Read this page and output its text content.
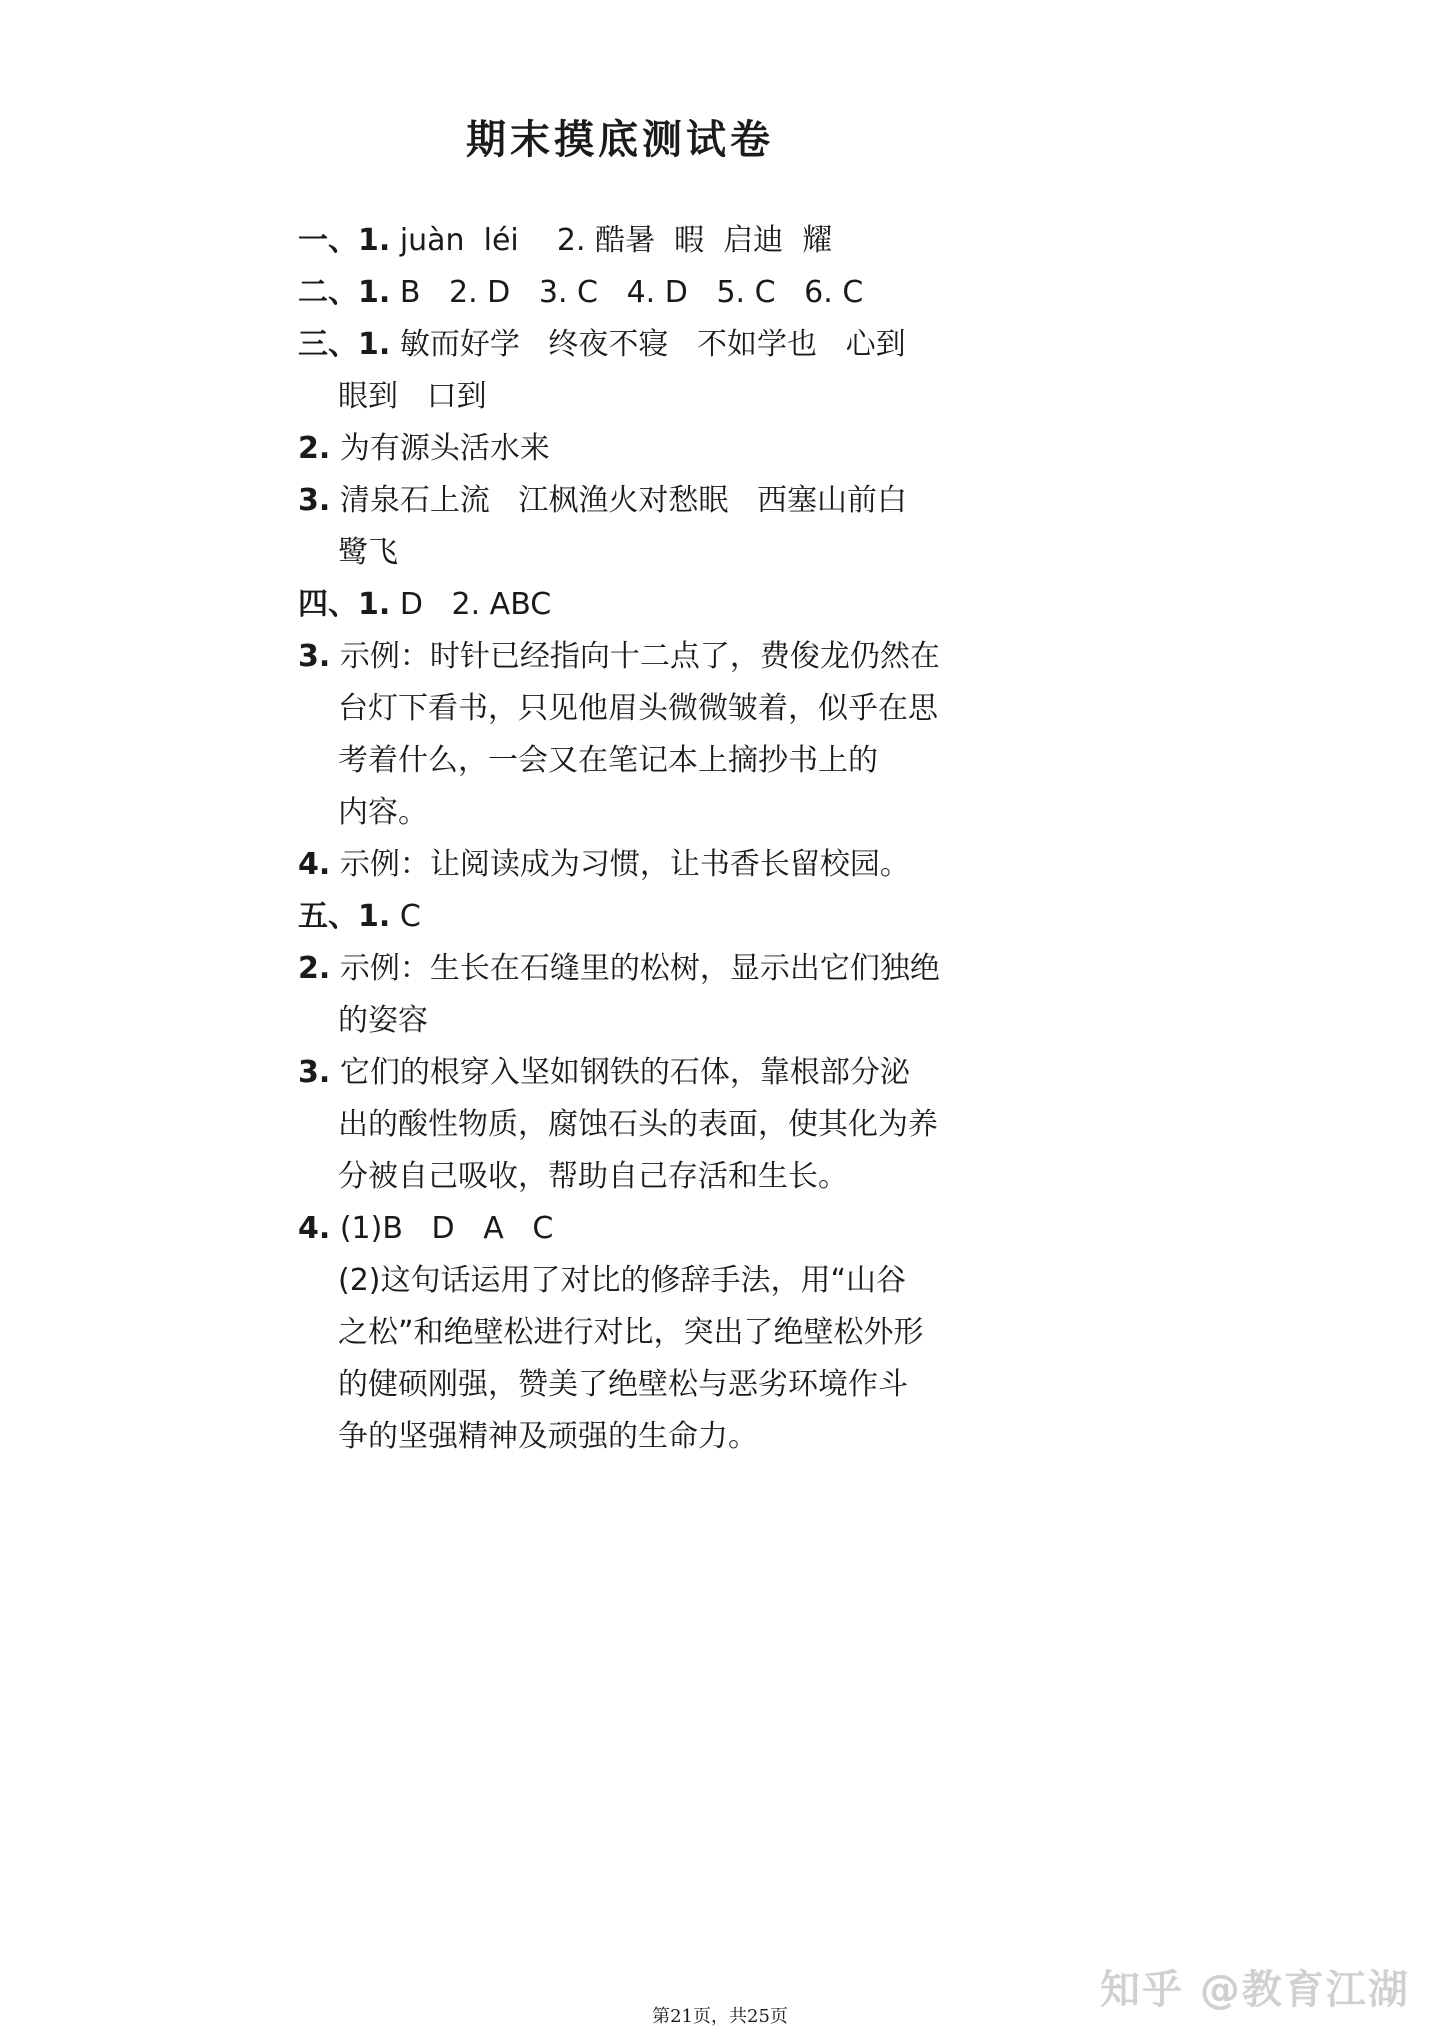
期末摸底测试卷

一、1. juàn  léi    2. 酷暑  暇  启迪  耀

二、1. B   2. D   3. C   4. D   5. C   6. C

三、1. 敏而好学   终夜不寝   不如学也   心到

眼到   口到

2. 为有源头活水来

3. 清泉石上流   江枫渔火对愁眠   西塞山前白

鹭飞

四、1. D   2. ABC

3. 示例：时针已经指向十二点了，费俊龙仍然在

台灯下看书，只见他眉头微微皱着，似乎在思

考着什么，一会又在笔记本上摘抄书上的

内容。

4. 示例：让阅读成为习惯，让书香长留校园。

五、1. C

2. 示例：生长在石缝里的松树，显示出它们独绝

的姿容

3. 它们的根穿入坚如钢铁的石体，靠根部分泌

出的酸性物质，腐蚀石头的表面，使其化为养

分被自己吸收，帮助自己存活和生长。

4. (1)B   D   A   C

(2)这句话运用了对比的修辞手法，用“山谷

之松”和绝壁松进行对比，突出了绝壁松外形

的健硕刚强，赞美了绝壁松与恶劣环境作斗

争的坚强精神及顽强的生命力。

第21页，共25页
知乎 @教育江湖
